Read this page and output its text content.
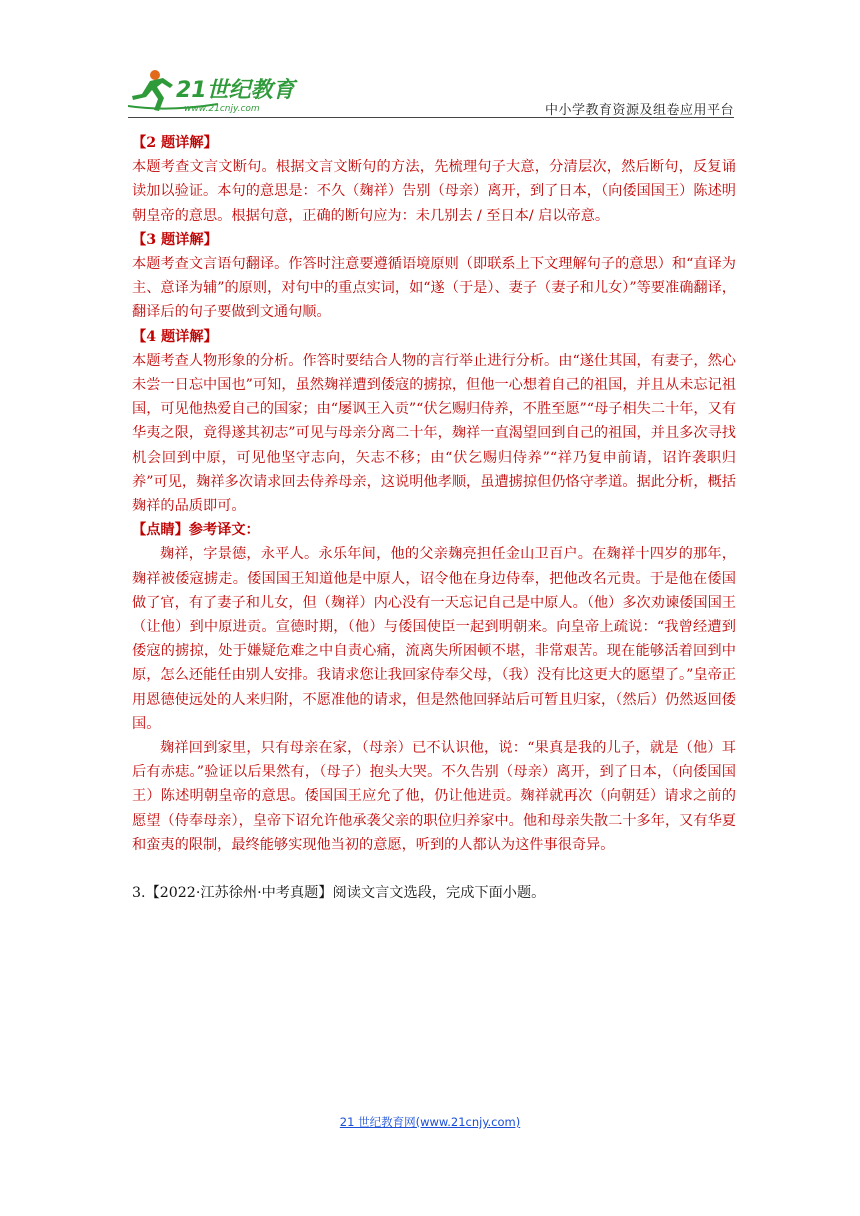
21世纪教育
www.21cnjy.com	中小学教育资源及组卷应用平台

【2 题详解】

本题考查文言文断句。根据文言文断句的方法，先梳理句子大意，分清层次，然后断句，反复诵读加以验证。本句的意思是：不久（麹祥）告别（母亲）离开，到了日本，（向倭国国王）陈述明朝皇帝的意思。根据句意，正确的断句应为：未几别去 / 至日本/ 启以帝意。

【3 题详解】

本题考查文言语句翻译。作答时注意要遵循语境原则（即联系上下文理解句子的意思）和“直译为主、意译为辅”的原则，对句中的重点实词，如“遂（于是）、妻子（妻子和儿女）”等要准确翻译，翻译后的句子要做到文通句顺。

【4 题详解】

本题考查人物形象的分析。作答时要结合人物的言行举止进行分析。由“遂仕其国，有妻子，然心未尝一日忘中国也”可知，虽然麹祥遭到倭寇的掳掠，但他一心想着自己的祖国，并且从未忘记祖国，可见他热爱自己的国家；由“屡讽王入贡”“伏乞赐归侍养，不胜至愿”“母子相失二十年，又有华夷之限，竟得遂其初志”可见与母亲分离二十年，麹祥一直渴望回到自己的祖国，并且多次寻找机会回到中原，可见他坚守志向，矢志不移；由“伏乞赐归侍养”“祥乃复申前请，诏许袭职归养”可见，麹祥多次请求回去侍养母亲，这说明他孝顺，虽遭掳掠但仍恪守孝道。据此分析，概括麹祥的品质即可。

【点睛】参考译文：

麹祥，字景德，永平人。永乐年间，他的父亲麹亮担任金山卫百户。在麹祥十四岁的那年，麹祥被倭寇掳走。倭国国王知道他是中原人，诏令他在身边侍奉，把他改名元贵。于是他在倭国做了官，有了妻子和儿女，但（麹祥）内心没有一天忘记自己是中原人。（他）多次劝谏倭国国王（让他）到中原进贡。宣德时期，（他）与倭国使臣一起到明朝来。向皇帝上疏说：“我曾经遭到倭寇的掳掠，处于嫌疑危难之中自责心痛，流离失所困顿不堪，非常艰苦。现在能够活着回到中原，怎么还能任由别人安排。我请求您让我回家侍奉父母，（我）没有比这更大的愿望了。”皇帝正用恩德使远处的人来归附，不愿准他的请求，但是然他回驿站后可暂且归家，（然后）仍然返回倭国。

麹祥回到家里，只有母亲在家，（母亲）已不认识他，说：“果真是我的儿子，就是（他）耳后有赤痣。”验证以后果然有，（母子）抱头大哭。不久告别（母亲）离开，到了日本，（向倭国国王）陈述明朝皇帝的意思。倭国国王应允了他，仍让他进贡。麹祥就再次（向朝廷）请求之前的愿望（侍奉母亲），皇帝下诏允许他承袭父亲的职位归养家中。他和母亲失散二十多年，又有华夏和蛮夷的限制，最终能够实现他当初的意愿，听到的人都认为这件事很奇异。

3.【2022·江苏徐州·中考真题】阅读文言文选段，完成下面小题。

21 世纪教育网(www.21cnjy.com)
